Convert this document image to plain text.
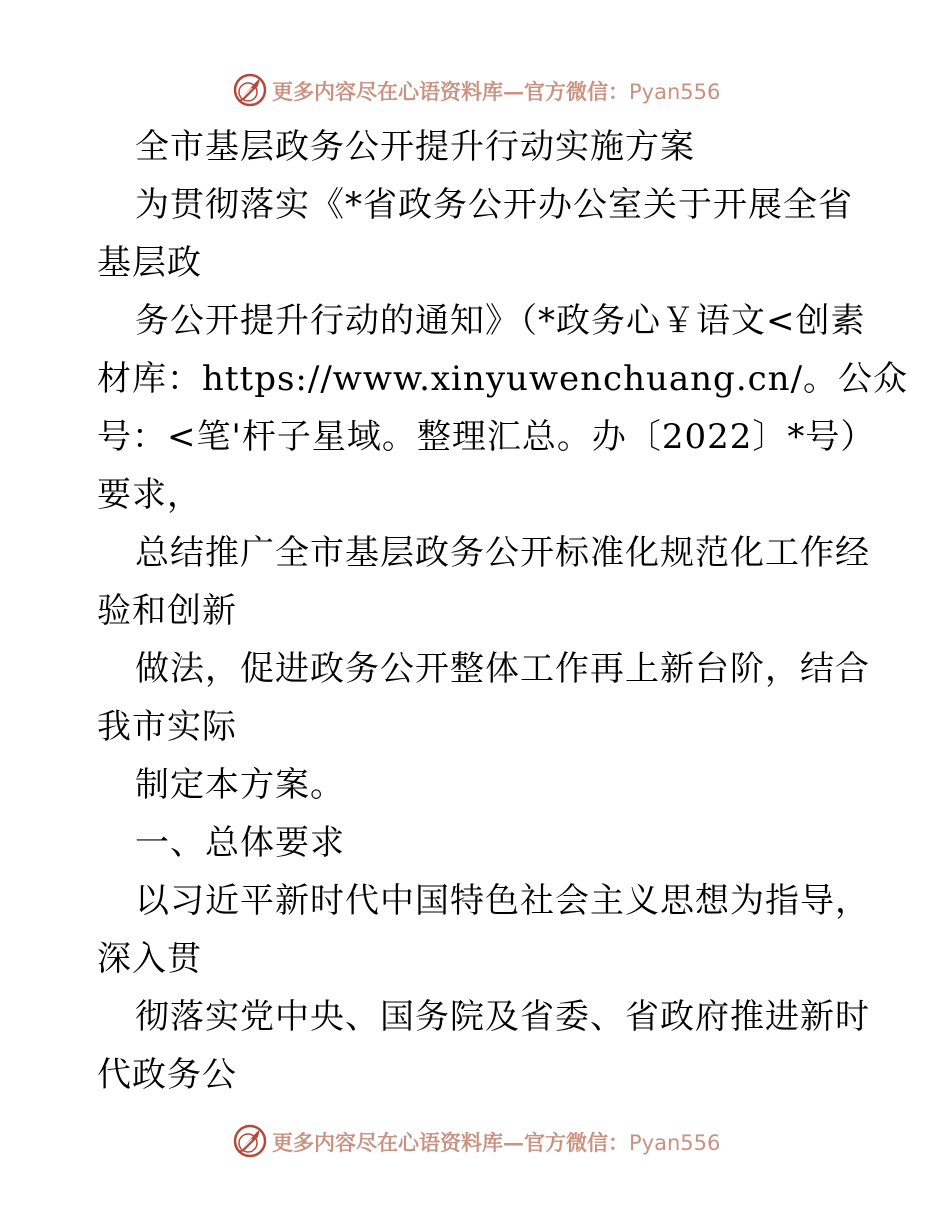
更多内容尽在心语资料库—官方微信：Pyan556
全市基层政务公开提升行动实施方案
为贯彻落实《*省政务公开办公室关于开展全省
基层政
务公开提升行动的通知》（*政务心￥语文<创素
材库：https://www.xinyuwenchuang.cn/。公众
号：<笔'杆子星域。整理汇总。办〔2022〕*号）
要求，
总结推广全市基层政务公开标准化规范化工作经
验和创新
做法，促进政务公开整体工作再上新台阶，结合
我市实际
制定本方案。
一、总体要求
以习近平新时代中国特色社会主义思想为指导，
深入贯
彻落实党中央、国务院及省委、省政府推进新时
代政务公
更多内容尽在心语资料库—官方微信：Pyan556
